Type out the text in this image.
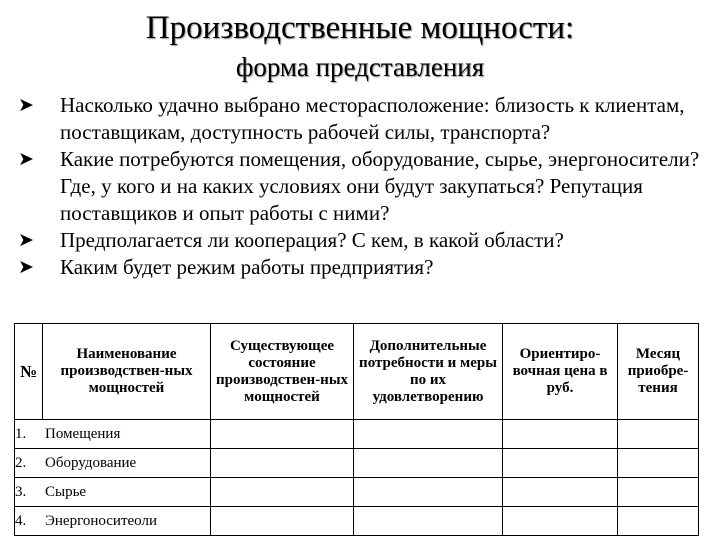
Производственные мощности:
форма представления
➤	Насколько удачно выбрано месторасположение: близость к клиентам, поставщикам, доступность рабочей силы, транспорта?
➤	Какие потребуются помещения, оборудование, сырье, энергоносители? Где, у кого и на каких условиях они будут закупаться? Репутация поставщиков и опыт работы с ними?
➤	Предполагается ли кооперация? С кем, в какой области?
➤	Каким будет режим работы предприятия?
№	Наименование производствен-ных мощностей	Существующее состояние производствен-ных мощностей	Дополнительные потребности и меры по их удовлетворению	Ориентиро-вочная цена в руб.	Месяц приобре-тения
1. Помещения					
2. Оборудование					
3. Сырье					
4. Энергоноситеоли					
